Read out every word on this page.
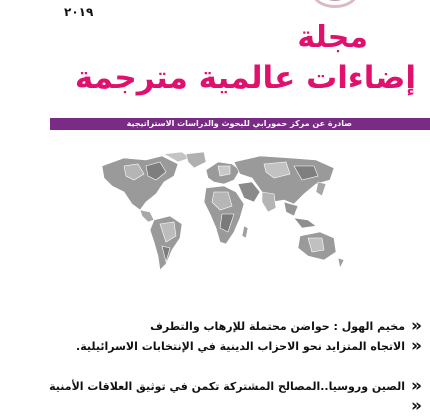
٢٠١٩
مجلة
إضاءات عالمية مترجمة
صادرة عن مركز حمورابي للبحوث والدراسات الاستراتيجية
«
مخيم الهول : حواضن محتملة للإرهاب والتطرف
«
الاتجاه المتزايد نحو الاحزاب الدينية في الإنتخابات الاسرائيلية.
«
الصين وروسيا..المصالح المشتركة تكمن في توثيق العلاقات الأمنية
«
